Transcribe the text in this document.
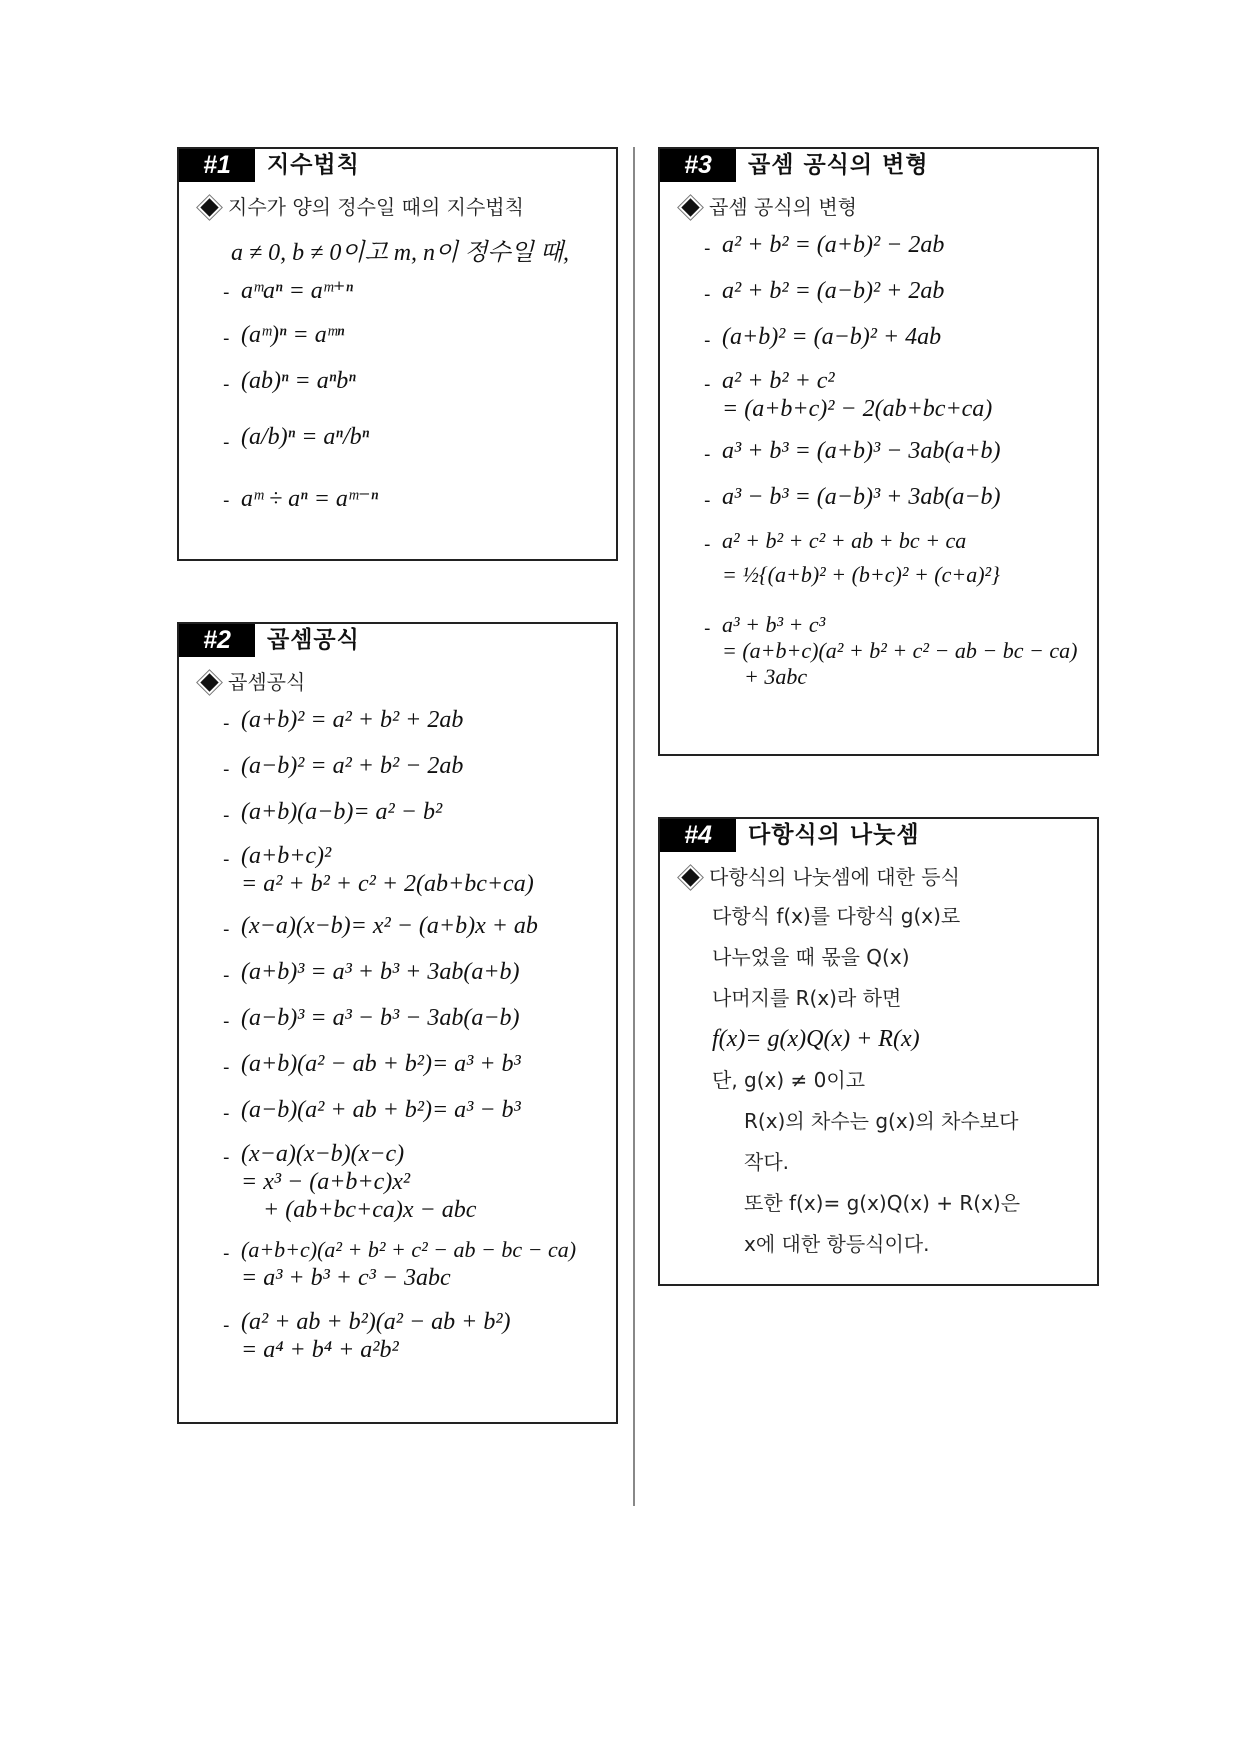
#1	지수법칙
지수가 양의 정수일 때의 지수법칙
a ≠ 0, b ≠ 0이고 m, n이 정수일 때,
- aᵐaⁿ = aᵐ⁺ⁿ
- (aᵐ)ⁿ = aᵐⁿ
- (ab)ⁿ = aⁿbⁿ
- (a/b)ⁿ = aⁿ/bⁿ
- aᵐ ÷ aⁿ = aᵐ⁻ⁿ
#2	곱셈공식
곱셈공식
- (a+b)² = a² + b² + 2ab
- (a−b)² = a² + b² − 2ab
- (a+b)(a−b)= a² − b²
- (a+b+c)²
= a² + b² + c² + 2(ab+bc+ca)
- (x−a)(x−b)= x² − (a+b)x + ab
- (a+b)³ = a³ + b³ + 3ab(a+b)
- (a−b)³ = a³ − b³ − 3ab(a−b)
- (a+b)(a² − ab + b²)= a³ + b³
- (a−b)(a² + ab + b²)= a³ − b³
- (x−a)(x−b)(x−c)
= x³ − (a+b+c)x²
+ (ab+bc+ca)x − abc
- (a+b+c)(a² + b² + c² − ab − bc − ca)
= a³ + b³ + c³ − 3abc
- (a² + ab + b²)(a² − ab + b²)
= a⁴ + b⁴ + a²b²
#3	곱셈 공식의 변형
곱셈 공식의 변형
- a² + b² = (a+b)² − 2ab
- a² + b² = (a−b)² + 2ab
- (a+b)² = (a−b)² + 4ab
- a² + b² + c²
= (a+b+c)² − 2(ab+bc+ca)
- a³ + b³ = (a+b)³ − 3ab(a+b)
- a³ − b³ = (a−b)³ + 3ab(a−b)
- a² + b² + c² + ab + bc + ca
= ½{(a+b)² + (b+c)² + (c+a)²}
- a³ + b³ + c³
= (a+b+c)(a² + b² + c² − ab − bc − ca)
+ 3abc
#4	다항식의 나눗셈
다항식의 나눗셈에 대한 등식
다항식 f(x)를 다항식 g(x)로
나누었을 때 몫을 Q(x)
나머지를 R(x)라 하면
f(x)= g(x)Q(x) + R(x)
단, g(x) ≠ 0이고
R(x)의 차수는 g(x)의 차수보다
작다.
또한 f(x)= g(x)Q(x) + R(x)은
x에 대한 항등식이다.
